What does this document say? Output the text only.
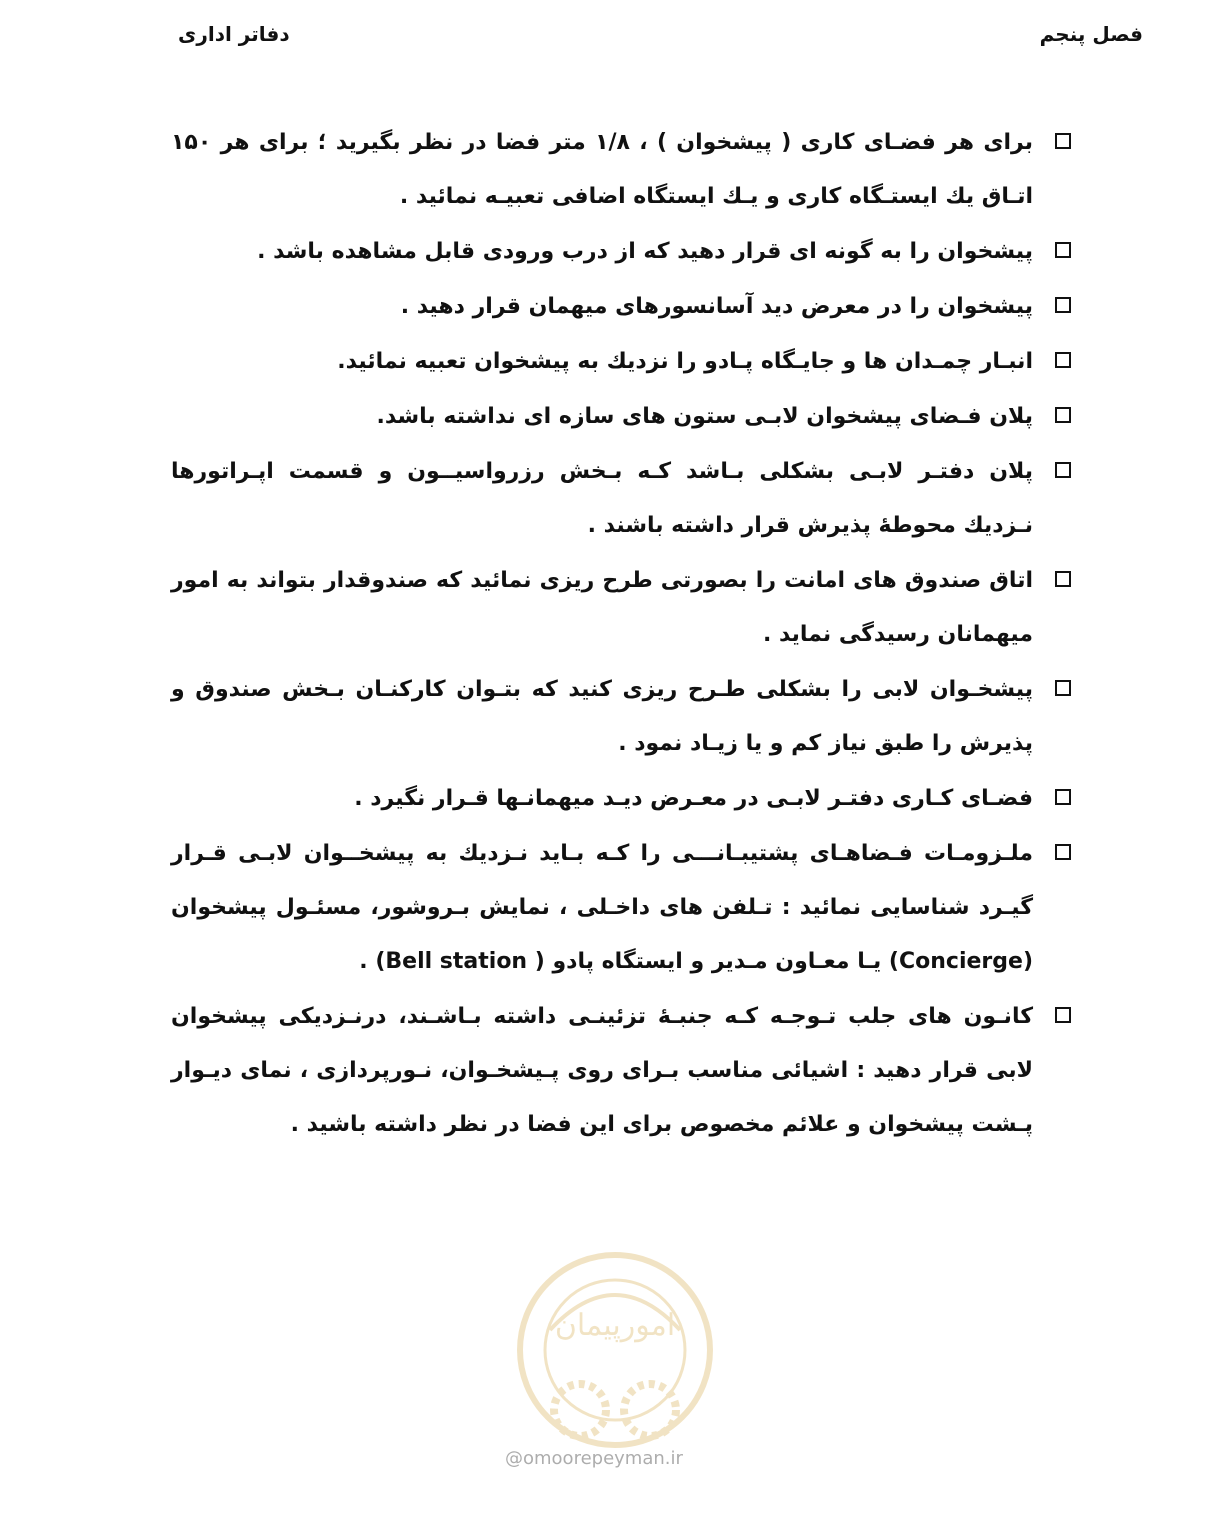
فصل پنجم
دفاتر اداری
برای هر فضـای کاری ( پیشخوان ) ، ۱/۸ متر فضا در نظر بگیرید ؛ برای هر ۱۵۰ اتـاق یك ایستـگاه کاری و یـك ایستگاه اضافی تعبیـه نمائید .
پیشخوان را به گونه ای قرار دهید که از درب ورودی قابل مشاهده باشد .
پیشخوان را در معرض دید آسانسورهای میهمان قرار دهید .
انبـار چمـدان ها و جایـگاه پـادو را نزدیك به پیشخوان تعبیه نمائید.
پلان فـضای پیشخوان لابـی ستون های سازه ای نداشته باشد.
پلان دفتـر لابـی بشکلی بـاشد کـه بـخش رزرواسیــون و قسمت اپـراتورها نـزدیك محوطهٔ پذیرش قرار داشته باشند .
اتاق صندوق های امانت را بصورتی طرح ریزی نمائید که صندوقدار بتواند به امور میهمانان رسیدگی نماید .
پیشخـوان لابی را بشکلی طـرح ریزی کنید که بتـوان کارکنـان بـخش صندوق و پذیرش را طبق نیاز کم و یا زیـاد نمود .
فضـای کـاری دفتـر لابـی در معـرض دیـد میهمانـها قـرار نگیرد .
ملـزومـات فـضاهـای پشتیبـانـــی را کـه بـاید نـزدیك به پیشخــوان لابـی قـرار گیـرد شناسایی نمائید : تـلفن های داخـلی ، نمایش بـروشور، مسئـول پیشخوان (Concierge) یـا معـاون مـدیر و ایستگاه پادو ( Bell station) .
کانـون های جلب تـوجـه کـه جنبـهٔ تزئینـی داشته بـاشـند، درنـزدیکی پیشخوان لابی قرار دهید : اشیائی مناسب بـرای روی پـیشخـوان، نـورپردازی ، نمای دیـوار پـشت پیشخوان و علائم مخصوص برای این فضا در نظر داشته باشید .
امورپیمان
@omoorepeyman.ir
